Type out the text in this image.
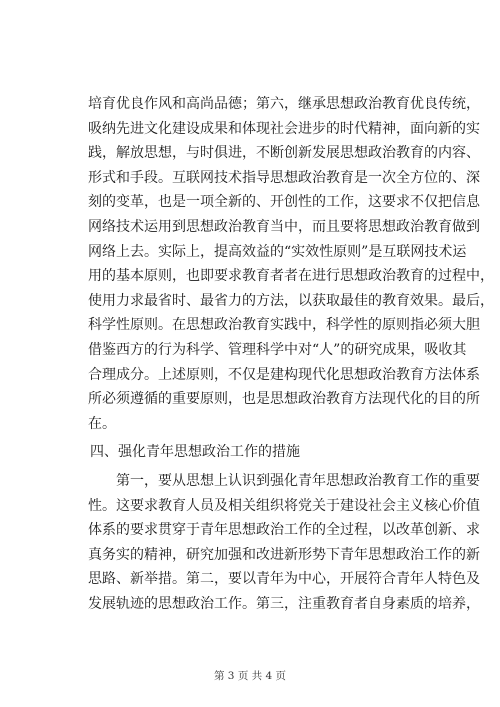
培育优良作风和高尚品德；第六，继承思想政治教育优良传统，
吸纳先进文化建设成果和体现社会进步的时代精神，面向新的实
践，解放思想，与时俱进，不断创新发展思想政治教育的内容、
形式和手段。互联网技术指导思想政治教育是一次全方位的、深
刻的变革，也是一项全新的、开创性的工作，这要求不仅把信息
网络技术运用到思想政治教育当中，而且要将思想政治教育做到
网络上去。实际上，提高效益的“实效性原则”是互联网技术运
用的基本原则，也即要求教育者者在进行思想政治教育的过程中，
使用力求最省时、最省力的方法，以获取最佳的教育效果。最后，
科学性原则。在思想政治教育实践中，科学性的原则指必须大胆
借鉴西方的行为科学、管理科学中对“人”的研究成果，吸收其
合理成分。上述原则，不仅是建构现代化思想政治教育方法体系
所必须遵循的重要原则，也是思想政治教育方法现代化的目的所
在。
四、强化青年思想政治工作的措施
第一，要从思想上认识到强化青年思想政治教育工作的重要
性。这要求教育人员及相关组织将党关于建设社会主义核心价值
体系的要求贯穿于青年思想政治工作的全过程，以改革创新、求
真务实的精神，研究加强和改进新形势下青年思想政治工作的新
思路、新举措。第二，要以青年为中心，开展符合青年人特色及
发展轨迹的思想政治工作。第三，注重教育者自身素质的培养，
第 3 页 共 4 页
